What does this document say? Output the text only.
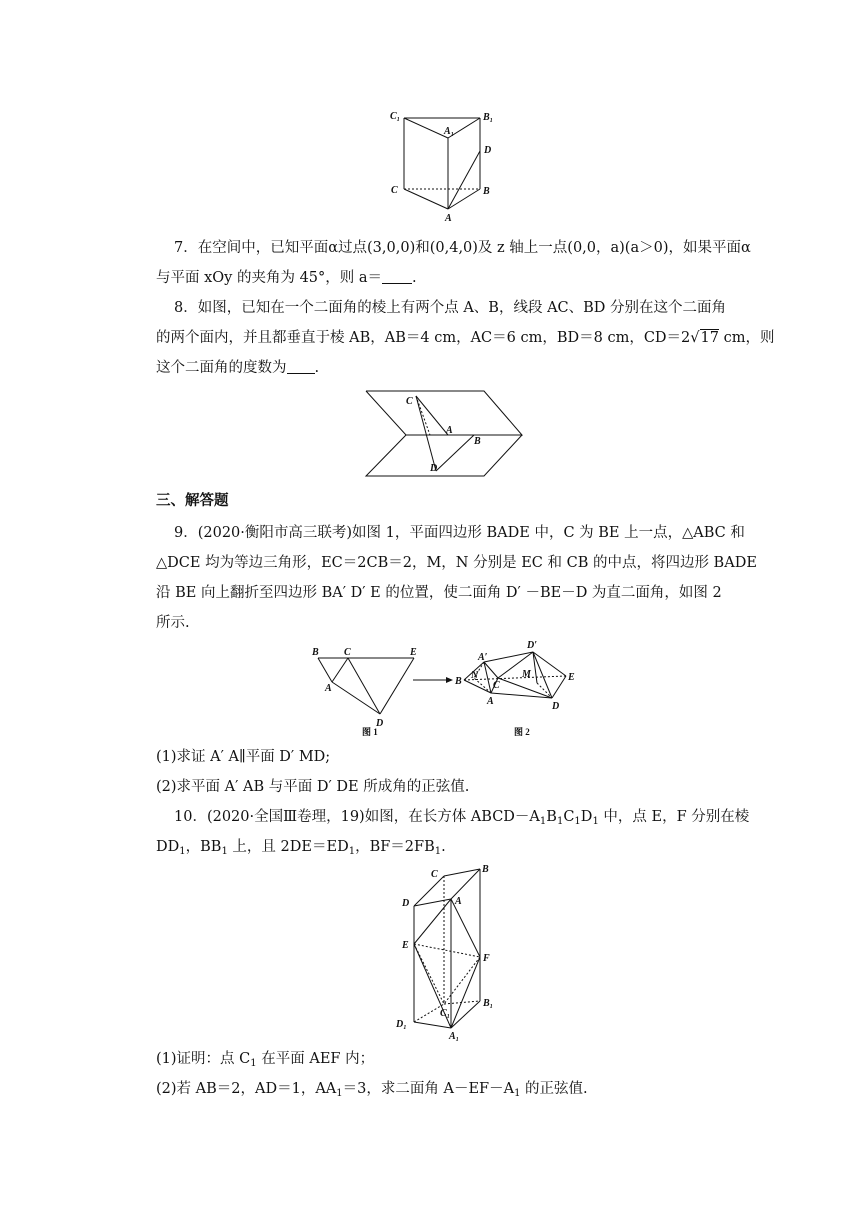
C₁	B₁
A₁
D
C	B
A

7．在空间中，已知平面α过点(3,0,0)和(0,4,0)及 z 轴上一点(0,0，a)(a＞0)，如果平面α

与平面 xOy 的夹角为 45°，则 a＝ .

8．如图，已知在一个二面角的棱上有两个点 A、B，线段 AC、BD 分别在这个二面角

的两个面内，并且都垂直于棱 AB，AB＝4 cm，AC＝6 cm，BD＝8 cm，CD＝2√17 cm，则

这个二面角的度数为 .

C
A
B
D
三、解答题

9．(2020·衡阳市高三联考)如图 1，平面四边形 BADE 中，C 为 BE 上一点，△ABC 和

△DCE 均为等边三角形，EC＝2CB＝2，M，N 分别是 EC 和 CB 的中点，将四边形 BADE

沿 BE 向上翻折至四边形 BA′ D′ E 的位置，使二面角 D′ －BE－D 为直二面角，如图 2

所示.

B	C	E
A
D
D′
A′
B
N
C
M	E
A	D
图 1	图 2

(1)求证 A′ A∥平面 D′ MD;

(2)求平面 A′ AB 与平面 D′ DE 所成角的正弦值.

10．(2020·全国Ⅲ卷理，19)如图，在长方体 $ABCD-A_1B_1C_1D_1$ 中，点 E，F 分别在棱

$DD_1$，$BB_1$ 上，且 $2DE=ED_1$，$BF=2FB_1$.

C	B
D	A
E
F
D₁
C₁
B₁
A₁

(1)证明：点 $C_1$ 在平面 AEF 内；

(2)若 AB＝2，AD＝1，$AA_1=3$，求二面角 $A-EF-A_1$ 的正弦值.
